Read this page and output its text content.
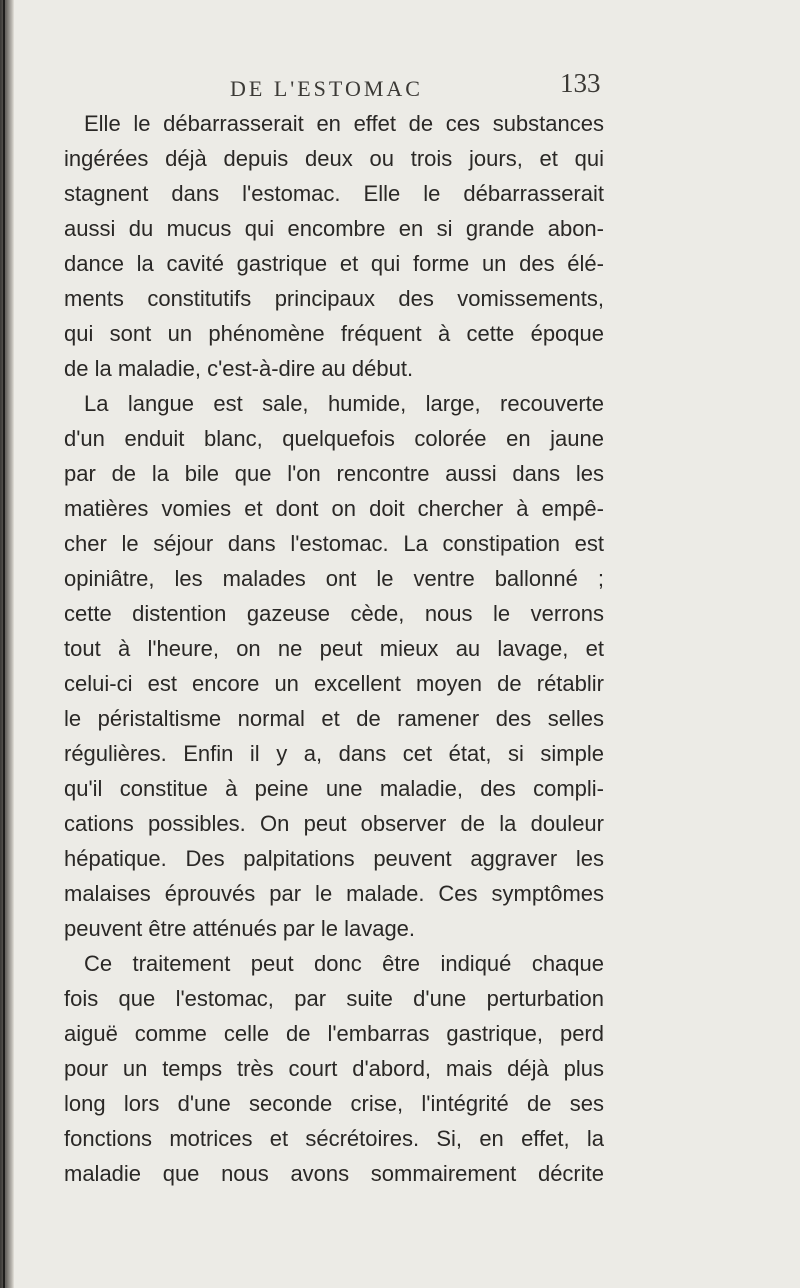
DE L'ESTOMAC	133
Elle le débarrasserait en effet de ces substances
ingérées déjà depuis deux ou trois jours, et qui
stagnent dans l'estomac. Elle le débarrasserait
aussi du mucus qui encombre en si grande abon-
dance la cavité gastrique et qui forme un des élé-
ments constitutifs principaux des vomissements,
qui sont un phénomène fréquent à cette époque
de la maladie, c'est-à-dire au début.
La langue est sale, humide, large, recouverte
d'un enduit blanc, quelquefois colorée en jaune
par de la bile que l'on rencontre aussi dans les
matières vomies et dont on doit chercher à empê-
cher le séjour dans l'estomac. La constipation est
opiniâtre, les malades ont le ventre ballonné ;
cette distention gazeuse cède, nous le verrons
tout à l'heure, on ne peut mieux au lavage, et
celui-ci est encore un excellent moyen de rétablir
le péristaltisme normal et de ramener des selles
régulières. Enfin il y a, dans cet état, si simple
qu'il constitue à peine une maladie, des compli-
cations possibles. On peut observer de la douleur
hépatique. Des palpitations peuvent aggraver les
malaises éprouvés par le malade. Ces symptômes
peuvent être atténués par le lavage.
Ce traitement peut donc être indiqué chaque
fois que l'estomac, par suite d'une perturbation
aiguë comme celle de l'embarras gastrique, perd
pour un temps très court d'abord, mais déjà plus
long lors d'une seconde crise, l'intégrité de ses
fonctions motrices et sécrétoires. Si, en effet, la
maladie que nous avons sommairement décrite
